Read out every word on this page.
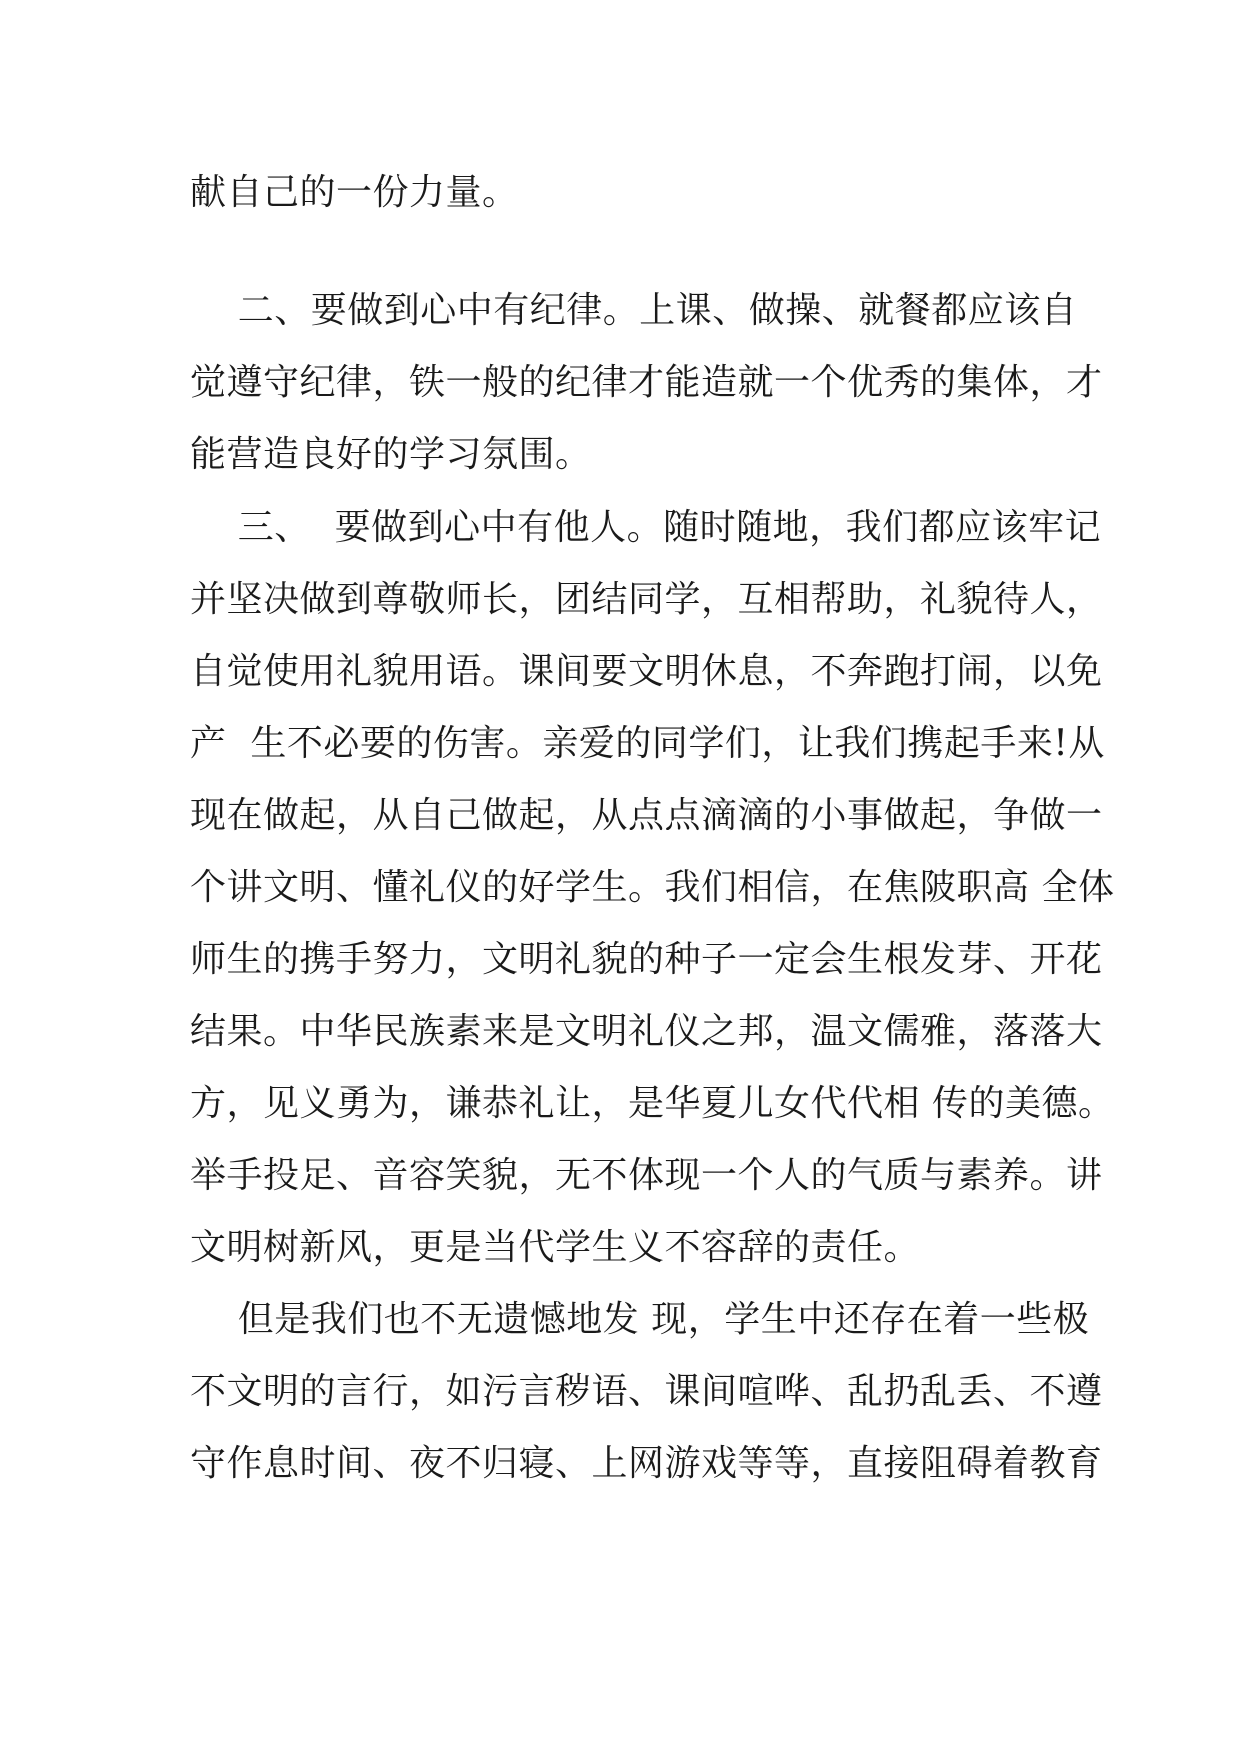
献自己的一份力量。
二、要做到心中有纪律。上课、做操、就餐都应该自
觉遵守纪律，铁一般的纪律才能造就一个优秀的集体，才
能营造良好的学习氛围。
三、  要做到心中有他人。随时随地，我们都应该牢记
并坚决做到尊敬师长，团结同学，互相帮助，礼貌待人，
自觉使用礼貌用语。课间要文明休息，不奔跑打闹，以免
产  生不必要的伤害。亲爱的同学们，让我们携起手来!从
现在做起，从自己做起，从点点滴滴的小事做起，争做一
个讲文明、懂礼仪的好学生。我们相信，在焦陂职高 全体
师生的携手努力，文明礼貌的种子一定会生根发芽、开花
结果。中华民族素来是文明礼仪之邦，温文儒雅，落落大
方，见义勇为，谦恭礼让，是华夏儿女代代相 传的美德。
举手投足、音容笑貌，无不体现一个人的气质与素养。讲
文明树新风，更是当代学生义不容辞的责任。
但是我们也不无遗憾地发 现，学生中还存在着一些极
不文明的言行，如污言秽语、课间喧哗、乱扔乱丢、不遵
守作息时间、夜不归寝、上网游戏等等，直接阻碍着教育
